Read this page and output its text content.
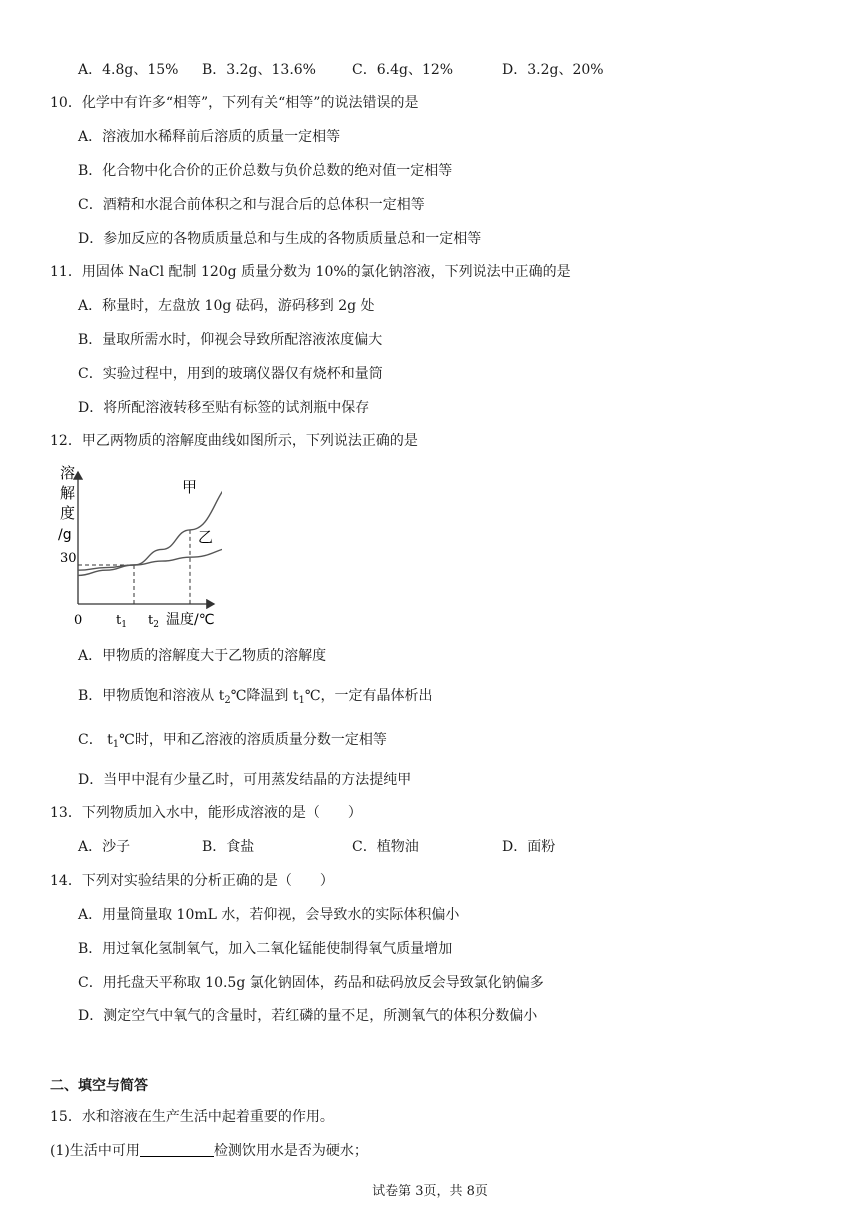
A．4.8g、15% B．3.2g、13.6%	C．6.4g、12%	D．3.2g、20%
10．化学中有许多“相等”，下列有关“相等”的说法错误的是
A．溶液加水稀释前后溶质的质量一定相等
B．化合物中化合价的正价总数与负价总数的绝对值一定相等
C．酒精和水混合前体积之和与混合后的总体积一定相等
D．参加反应的各物质质量总和与生成的各物质质量总和一定相等
11．用固体 NaCl 配制 120g 质量分数为 10%的氯化钠溶液，下列说法中正确的是
A．称量时，左盘放 10g 砝码，游码移到 2g 处
B．量取所需水时，仰视会导致所配溶液浓度偏大
C．实验过程中，用到的玻璃仪器仅有烧杯和量筒
D．将所配溶液转移至贴有标签的试剂瓶中保存
12．甲乙两物质的溶解度曲线如图所示，下列说法正确的是
溶
解
度
/g
30
0	$t_1$ $t_2$ 温度/℃
甲
乙
A．甲物质的溶解度大于乙物质的溶解度
B．甲物质饱和溶液从 $t_2℃$降温到 $t_1℃$，一定有晶体析出
C． $t_1℃$时，甲和乙溶液的溶质质量分数一定相等
D．当甲中混有少量乙时，可用蒸发结晶的方法提纯甲
13．下列物质加入水中，能形成溶液的是（　　）
A．沙子	B．食盐	C．植物油	D．面粉
14．下列对实验结果的分析正确的是（　　）
A．用量筒量取 10mL 水，若仰视，会导致水的实际体积偏小
B．用过氧化氢制氧气，加入二氧化锰能使制得氧气质量增加
C．用托盘天平称取 10.5g 氯化钠固体，药品和砝码放反会导致氯化钠偏多
D．测定空气中氧气的含量时，若红磷的量不足，所测氧气的体积分数偏小
二、填空与简答
15．水和溶液在生产生活中起着重要的作用。
(1)生活中可用	检测饮用水是否为硬水；
试卷第 3页，共 8页
